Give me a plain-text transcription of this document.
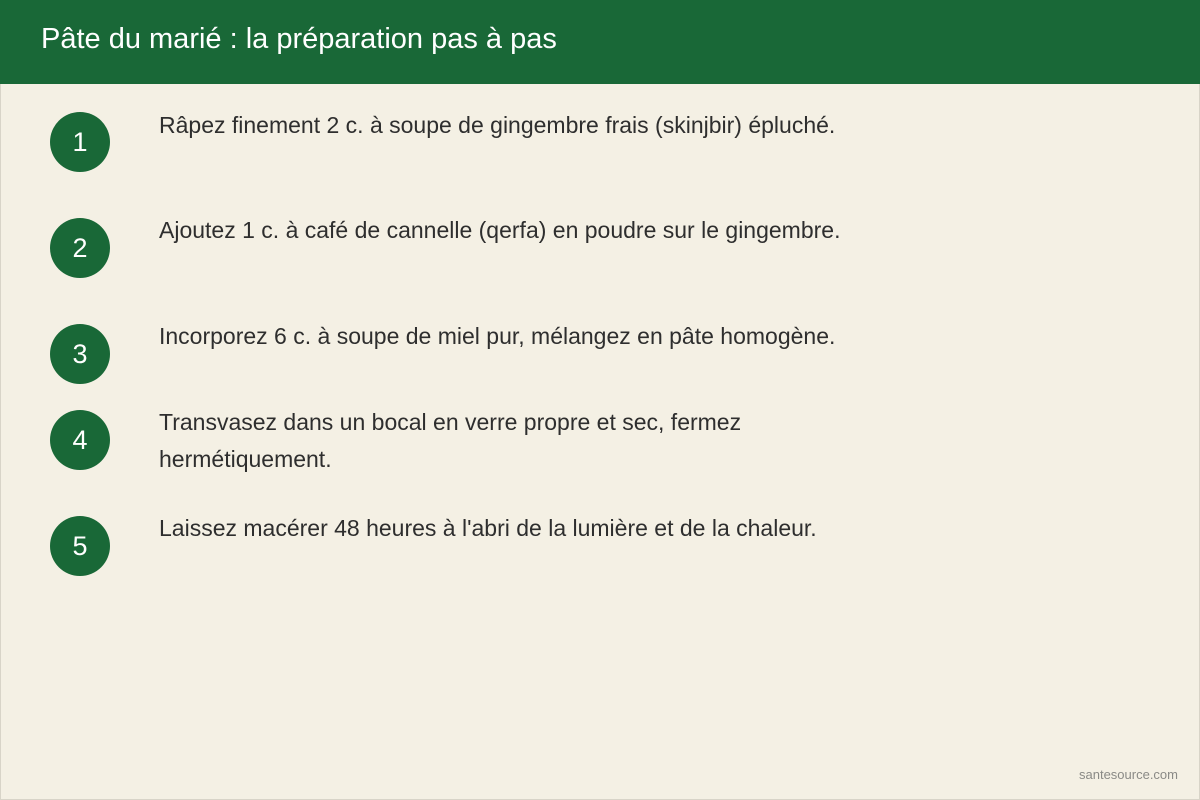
Pâte du marié : la préparation pas à pas
1
Râpez finement 2 c. à soupe de gingembre frais (skinjbir) épluché.
2
Ajoutez 1 c. à café de cannelle (qerfa) en poudre sur le gingembre.
3
Incorporez 6 c. à soupe de miel pur, mélangez en pâte homogène.
4
Transvasez dans un bocal en verre propre et sec, fermez hermétiquement.
5
Laissez macérer 48 heures à l'abri de la lumière et de la chaleur.
santesource.com
